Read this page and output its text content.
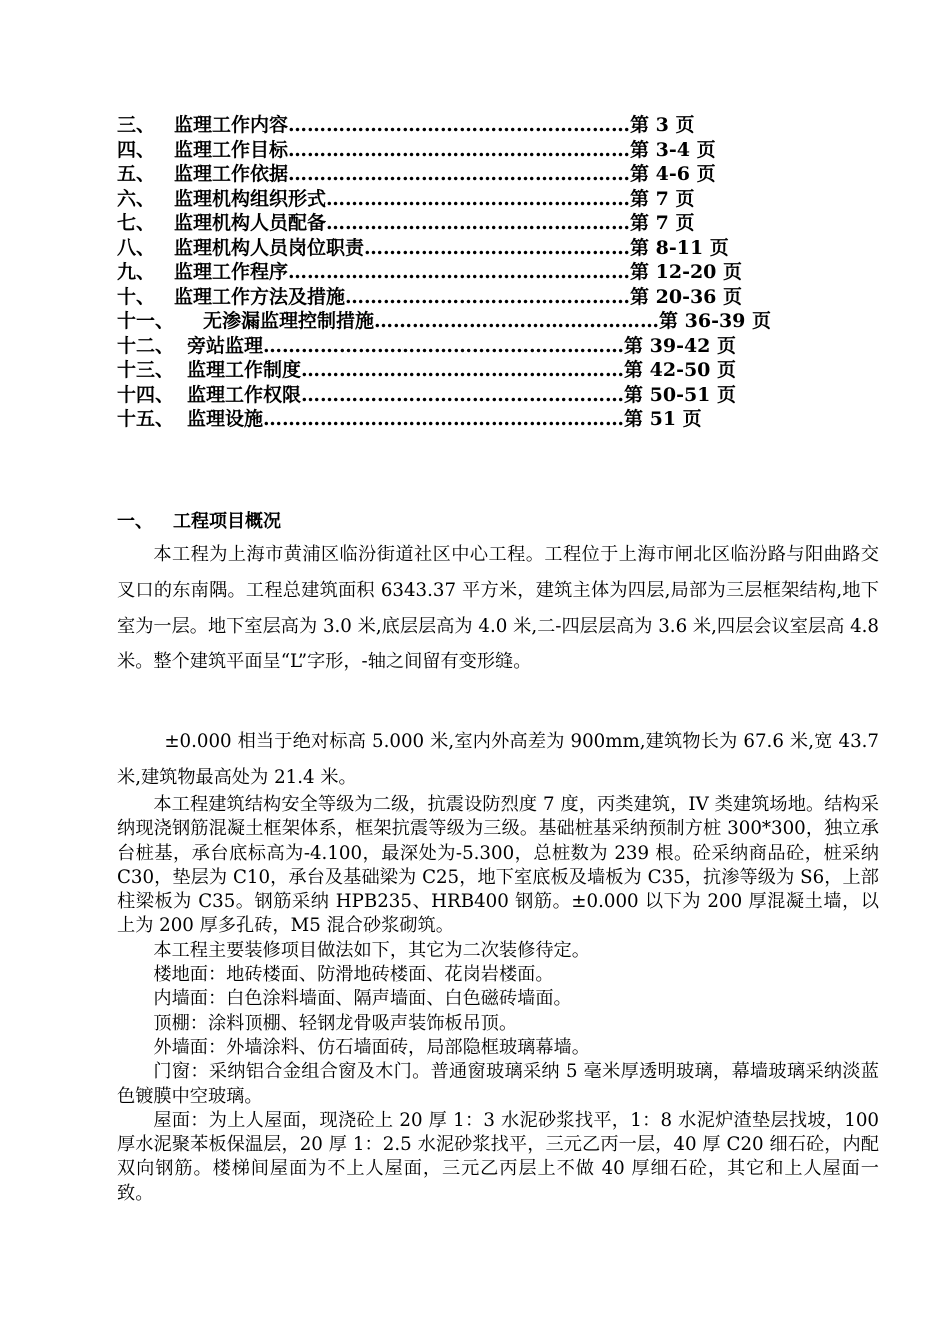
三、 监理工作内容………………………………………………第 3 页
四、 监理工作目标………………………………………………第 3-4 页
五、 监理工作依据………………………………………………第 4-6 页
六、 监理机构组织形式…………………………………………第 7 页
七、 监理机构人员配备…………………………………………第 7 页
八、 监理机构人员岗位职责……………………………………第 8-11 页
九、 监理工作程序………………………………………………第 12-20 页
十、 监理工作方法及措施………………………………………第 20-36 页
十一、 无渗漏监理控制措施………………………………………第 36-39 页
十二、 旁站监理…………………………………………………第 39-42 页
十三、 监理工作制度……………………………………………第 42-50 页
十四、 监理工作权限……………………………………………第 50-51 页
十五、 监理设施…………………………………………………第 51 页
一、 工程项目概况

本工程为上海市黄浦区临汾街道社区中心工程。工程位于上海市闸北区临汾路与阳曲路交叉口的东南隅。工程总建筑面积 6343.37 平方米，建筑主体为四层,局部为三层框架结构,地下室为一层。地下室层高为 3.0 米,底层层高为 4.0 米,二-四层层高为 3.6 米,四层会议室层高 4.8 米。整个建筑平面呈“L”字形，-轴之间留有变形缝。

±0.000 相当于绝对标高 5.000 米,室内外高差为 900mm,建筑物长为 67.6 米,宽 43.7 米,建筑物最高处为 21.4 米。

本工程建筑结构安全等级为二级，抗震设防烈度 7 度，丙类建筑，IV 类建筑场地。结构采纳现浇钢筋混凝土框架体系，框架抗震等级为三级。基础桩基采纳预制方桩 300*300，独立承台桩基，承台底标高为-4.100，最深处为-5.300，总桩数为 239 根。砼采纳商品砼，桩采纳 C30，垫层为 C10，承台及基础梁为 C25，地下室底板及墙板为 C35，抗渗等级为 S6，上部柱梁板为 C35。钢筋采纳 HPB235、HRB400 钢筋。±0.000 以下为 200 厚混凝土墙，以上为 200 厚多孔砖，M5 混合砂浆砌筑。

本工程主要装修项目做法如下，其它为二次装修待定。

楼地面：地砖楼面、防滑地砖楼面、花岗岩楼面。

内墙面：白色涂料墙面、隔声墙面、白色磁砖墙面。

顶棚：涂料顶棚、轻钢龙骨吸声装饰板吊顶。

外墙面：外墙涂料、仿石墙面砖，局部隐框玻璃幕墙。

门窗：采纳铝合金组合窗及木门。普通窗玻璃采纳 5 毫米厚透明玻璃，幕墙玻璃采纳淡蓝色镀膜中空玻璃。

屋面：为上人屋面，现浇砼上 20 厚 1：3 水泥砂浆找平，1：8 水泥炉渣垫层找坡，100 厚水泥聚苯板保温层，20 厚 1：2.5 水泥砂浆找平，三元乙丙一层，40 厚 C20 细石砼，内配双向钢筋。楼梯间屋面为不上人屋面，三元乙丙层上不做 40 厚细石砼，其它和上人屋面一致。
